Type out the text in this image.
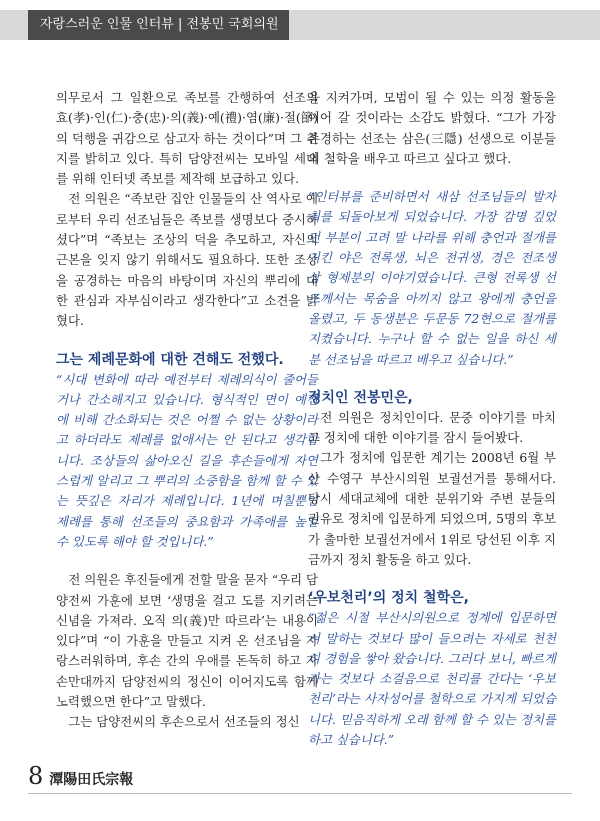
자랑스러운 인물 인터뷰 | 전봉민 국회의원

의무로서 그 일환으로 족보를 간행하여 선조의 효(孝)·인(仁)·충(忠)·의(義)·예(禮)·염(廉)·절(節)의 덕행을 귀감으로 삼고자 하는 것이다”며 그 취지를 밝히고 있다. 특히 담양전씨는 모바일 세대를 위해 인터넷 족보를 제작해 보급하고 있다.

전 의원은 “족보란 집안 인물들의 산 역사로 예로부터 우리 선조님들은 족보를 생명보다 중시하셨다”며 “족보는 조상의 덕을 추모하고, 자신의 근본을 잊지 않기 위해서도 필요하다. 또한 조상을 공경하는 마음의 바탕이며 자신의 뿌리에 대한 관심과 자부심이라고 생각한다”고 소견을 밝혔다.

그는 제례문화에 대한 견해도 전했다.

“시대 변화에 따라 예전부터 제례의식이 줄어들거나 간소해지고 있습니다. 형식적인 면이 예전에 비해 간소화되는 것은 어쩔 수 없는 상황이라고 하더라도 제례를 없애서는 안 된다고 생각합니다. 조상들의 삶아오신 길을 후손들에게 자연스럽게 알리고 그 뿌리의 소중함을 함께 할 수 있는 뜻깊은 자리가 제례입니다. 1년에 며칠뿐인 제례를 통해 선조들의 중요함과 가족애를 높일 수 있도록 해야 할 것입니다.”

전 의원은 후진들에게 전할 말을 묻자 “우리 담양전씨 가훈에 보면 ‘생명을 걸고 도를 지키려는 신념을 가져라. 오직 의(義)만 따르라’는 내용이 있다”며 “이 가훈을 만들고 지켜 온 선조님을 자랑스러워하며, 후손 간의 우애를 돈독히 하고 자손만대까지 담양전씨의 정신이 이어지도록 함께 노력했으면 한다”고 말했다.

그는 담양전씨의 후손으로서 선조들의 정신

을 지켜가며, 모범이 될 수 있는 의정 활동을 이어 갈 것이라는 소감도 밝혔다. “그가 가장 존경하는 선조는 삼은(三隱) 선생으로 이분들의 철학을 배우고 따르고 싶다고 했다.

“인터뷰를 준비하면서 새삼 선조님들의 발자취를 되돌아보게 되었습니다. 가장 감명 깊었던 부분이 고려 말 나라를 위해 충언과 절개를 지킨 야은 전록생, 뇌은 전귀생, 경은 전조생 삼 형제분의 이야기였습니다. 큰형 전록생 선조께서는 목숨을 아끼지 않고 왕에게 충언을 올렸고, 두 동생분은 두문동 72현으로 절개를 지켰습니다. 누구나 할 수 없는 일을 하신 세 분 선조님을 따르고 배우고 싶습니다.”

정치인 전봉민은,

전 의원은 정치인이다. 문중 이야기를 마치고 정치에 대한 이야기를 잠시 들어봤다.

그가 정치에 입문한 계기는 2008년 6월 부산 수영구 부산시의원 보궐선거를 통해서다. 당시 세대교체에 대한 분위기와 주변 분들의 권유로 정치에 입문하게 되었으며, 5명의 후보가 출마한 보궐선거에서 1위로 당선된 이후 지금까지 정치 활동을 하고 있다.

‘우보천리’의 정치 철학은,

“젊은 시절 부산시의원으로 정계에 입문하면서 말하는 것보다 많이 들으려는 자세로 천천히 경험을 쌓아 왔습니다. 그러다 보니, 빠르게 가는 것보다 소걸음으로 천리를 간다는 ‘우보천리’라는 사자성어를 철학으로 가지게 되었습니다. 믿음직하게 오래 함께 할 수 있는 정치를 하고 싶습니다.”

8 潭陽田氏宗報
